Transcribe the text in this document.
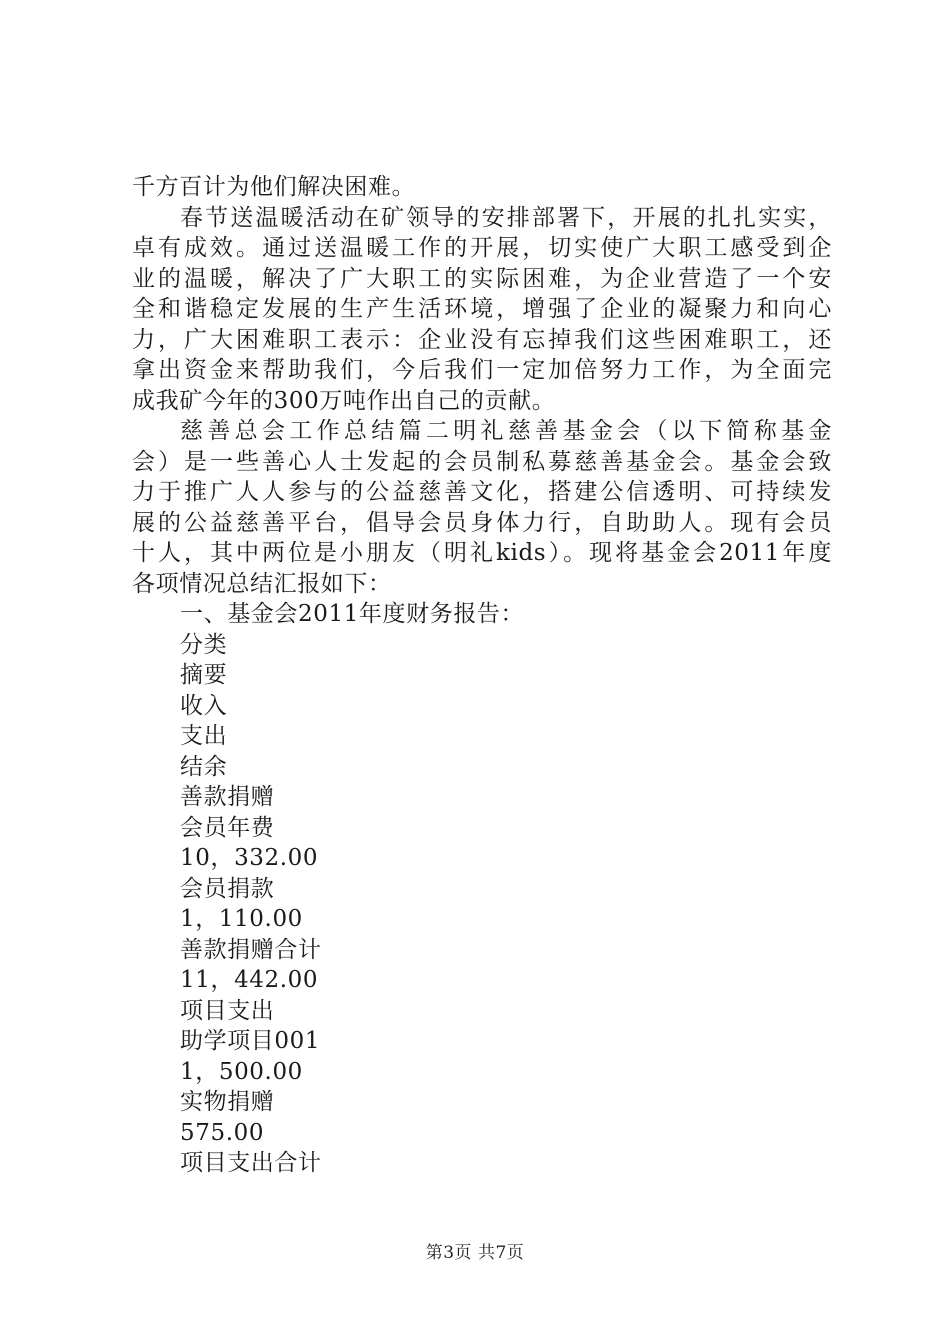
千方百计为他们解决困难。
春节送温暖活动在矿领导的安排部署下，开展的扎扎实实，
卓有成效。通过送温暖工作的开展，切实使广大职工感受到企
业的温暖，解决了广大职工的实际困难，为企业营造了一个安
全和谐稳定发展的生产生活环境，增强了企业的凝聚力和向心
力，广大困难职工表示：企业没有忘掉我们这些困难职工，还
拿出资金来帮助我们，今后我们一定加倍努力工作，为全面完
成我矿今年的300万吨作出自己的贡献。
慈善总会工作总结篇二明礼慈善基金会（以下简称基金
会）是一些善心人士发起的会员制私募慈善基金会。基金会致
力于推广人人参与的公益慈善文化，搭建公信透明、可持续发
展的公益慈善平台，倡导会员身体力行，自助助人。现有会员
十人，其中两位是小朋友（明礼kids）。现将基金会2011年度
各项情况总结汇报如下：
一、基金会2011年度财务报告：
分类
摘要
收入
支出
结余
善款捐赠
会员年费
10，332.00
会员捐款
1，110.00
善款捐赠合计
11，442.00
项目支出
助学项目001
1，500.00
实物捐赠
575.00
项目支出合计
第3页 共7页
